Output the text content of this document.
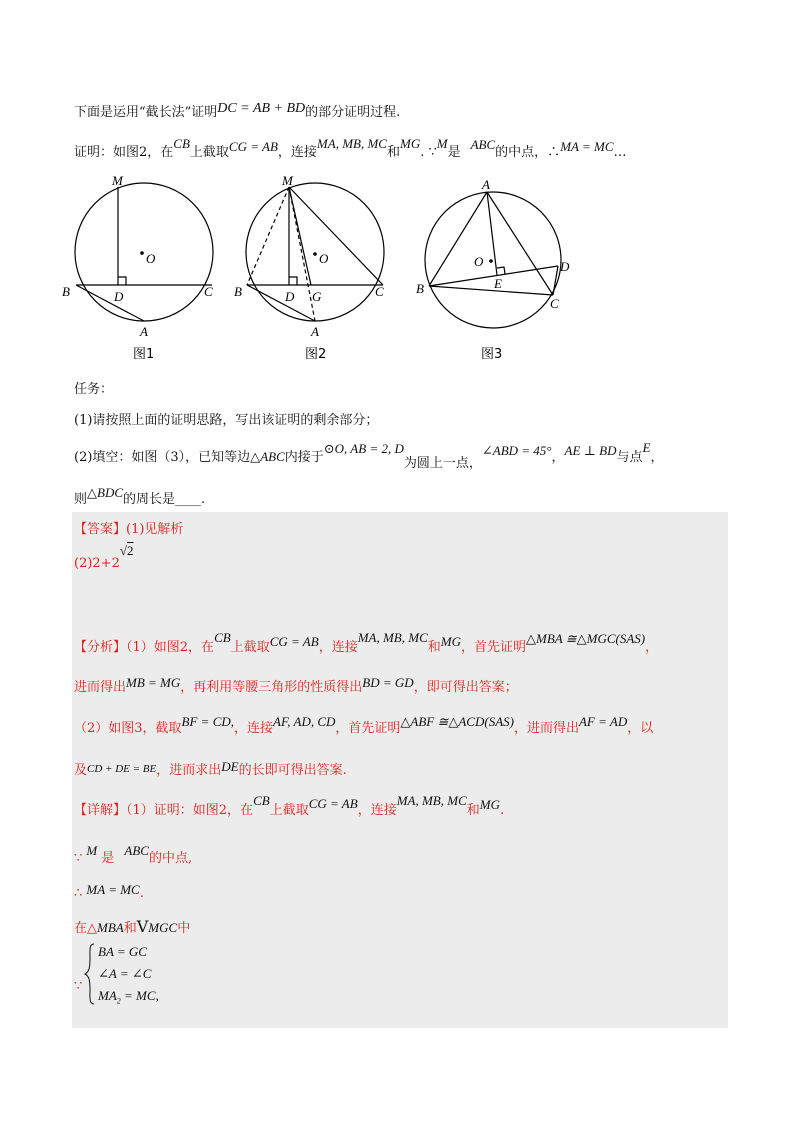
下面是运用“截长法”证明DC = AB + BD的部分证明过程.
证明：如图2，在CB上截取CG = AB，连接MA, MB, MC和MG. ∵M是ABC的中点，∴MA = MC…
M
O
B	D	C
A
M
O
B	D G	C
A
A
O
B	E
D
C
图1	图2	图3
任务：
(1)请按照上面的证明思路，写出该证明的剩余部分；
(2)填空：如图（3），已知等边△ABC内接于⊙O, AB = 2, D为圆上一点，∠ABD = 45°，AE ⊥ BD与点E，
则△BDC的周长是____.
【答案】(1)见解析
(2)2+2√2
【分析】（1）如图2，在CB上截取CG = AB，连接MA, MB, MC和MG，首先证明△MBA ≅△MGC(SAS)，
进而得出MB = MG，再利用等腰三角形的性质得出BD = GD，即可得出答案；
（2）如图3，截取BF = CD,，连接AF, AD, CD，首先证明△ABF ≅△ACD(SAS)，进而得出AF = AD，以
及CD + DE = BE，进而求出DE的长即可得出答案.
【详解】（1）证明：如图2，在CB上截取CG = AB，连接MA, MB, MC和MG.
∵ M 是ABC的中点,
∴ MA = MC.
在△MBA和VMGC中
∵
BA = GC
∠A = ∠C
$MA_2$ = MC,
